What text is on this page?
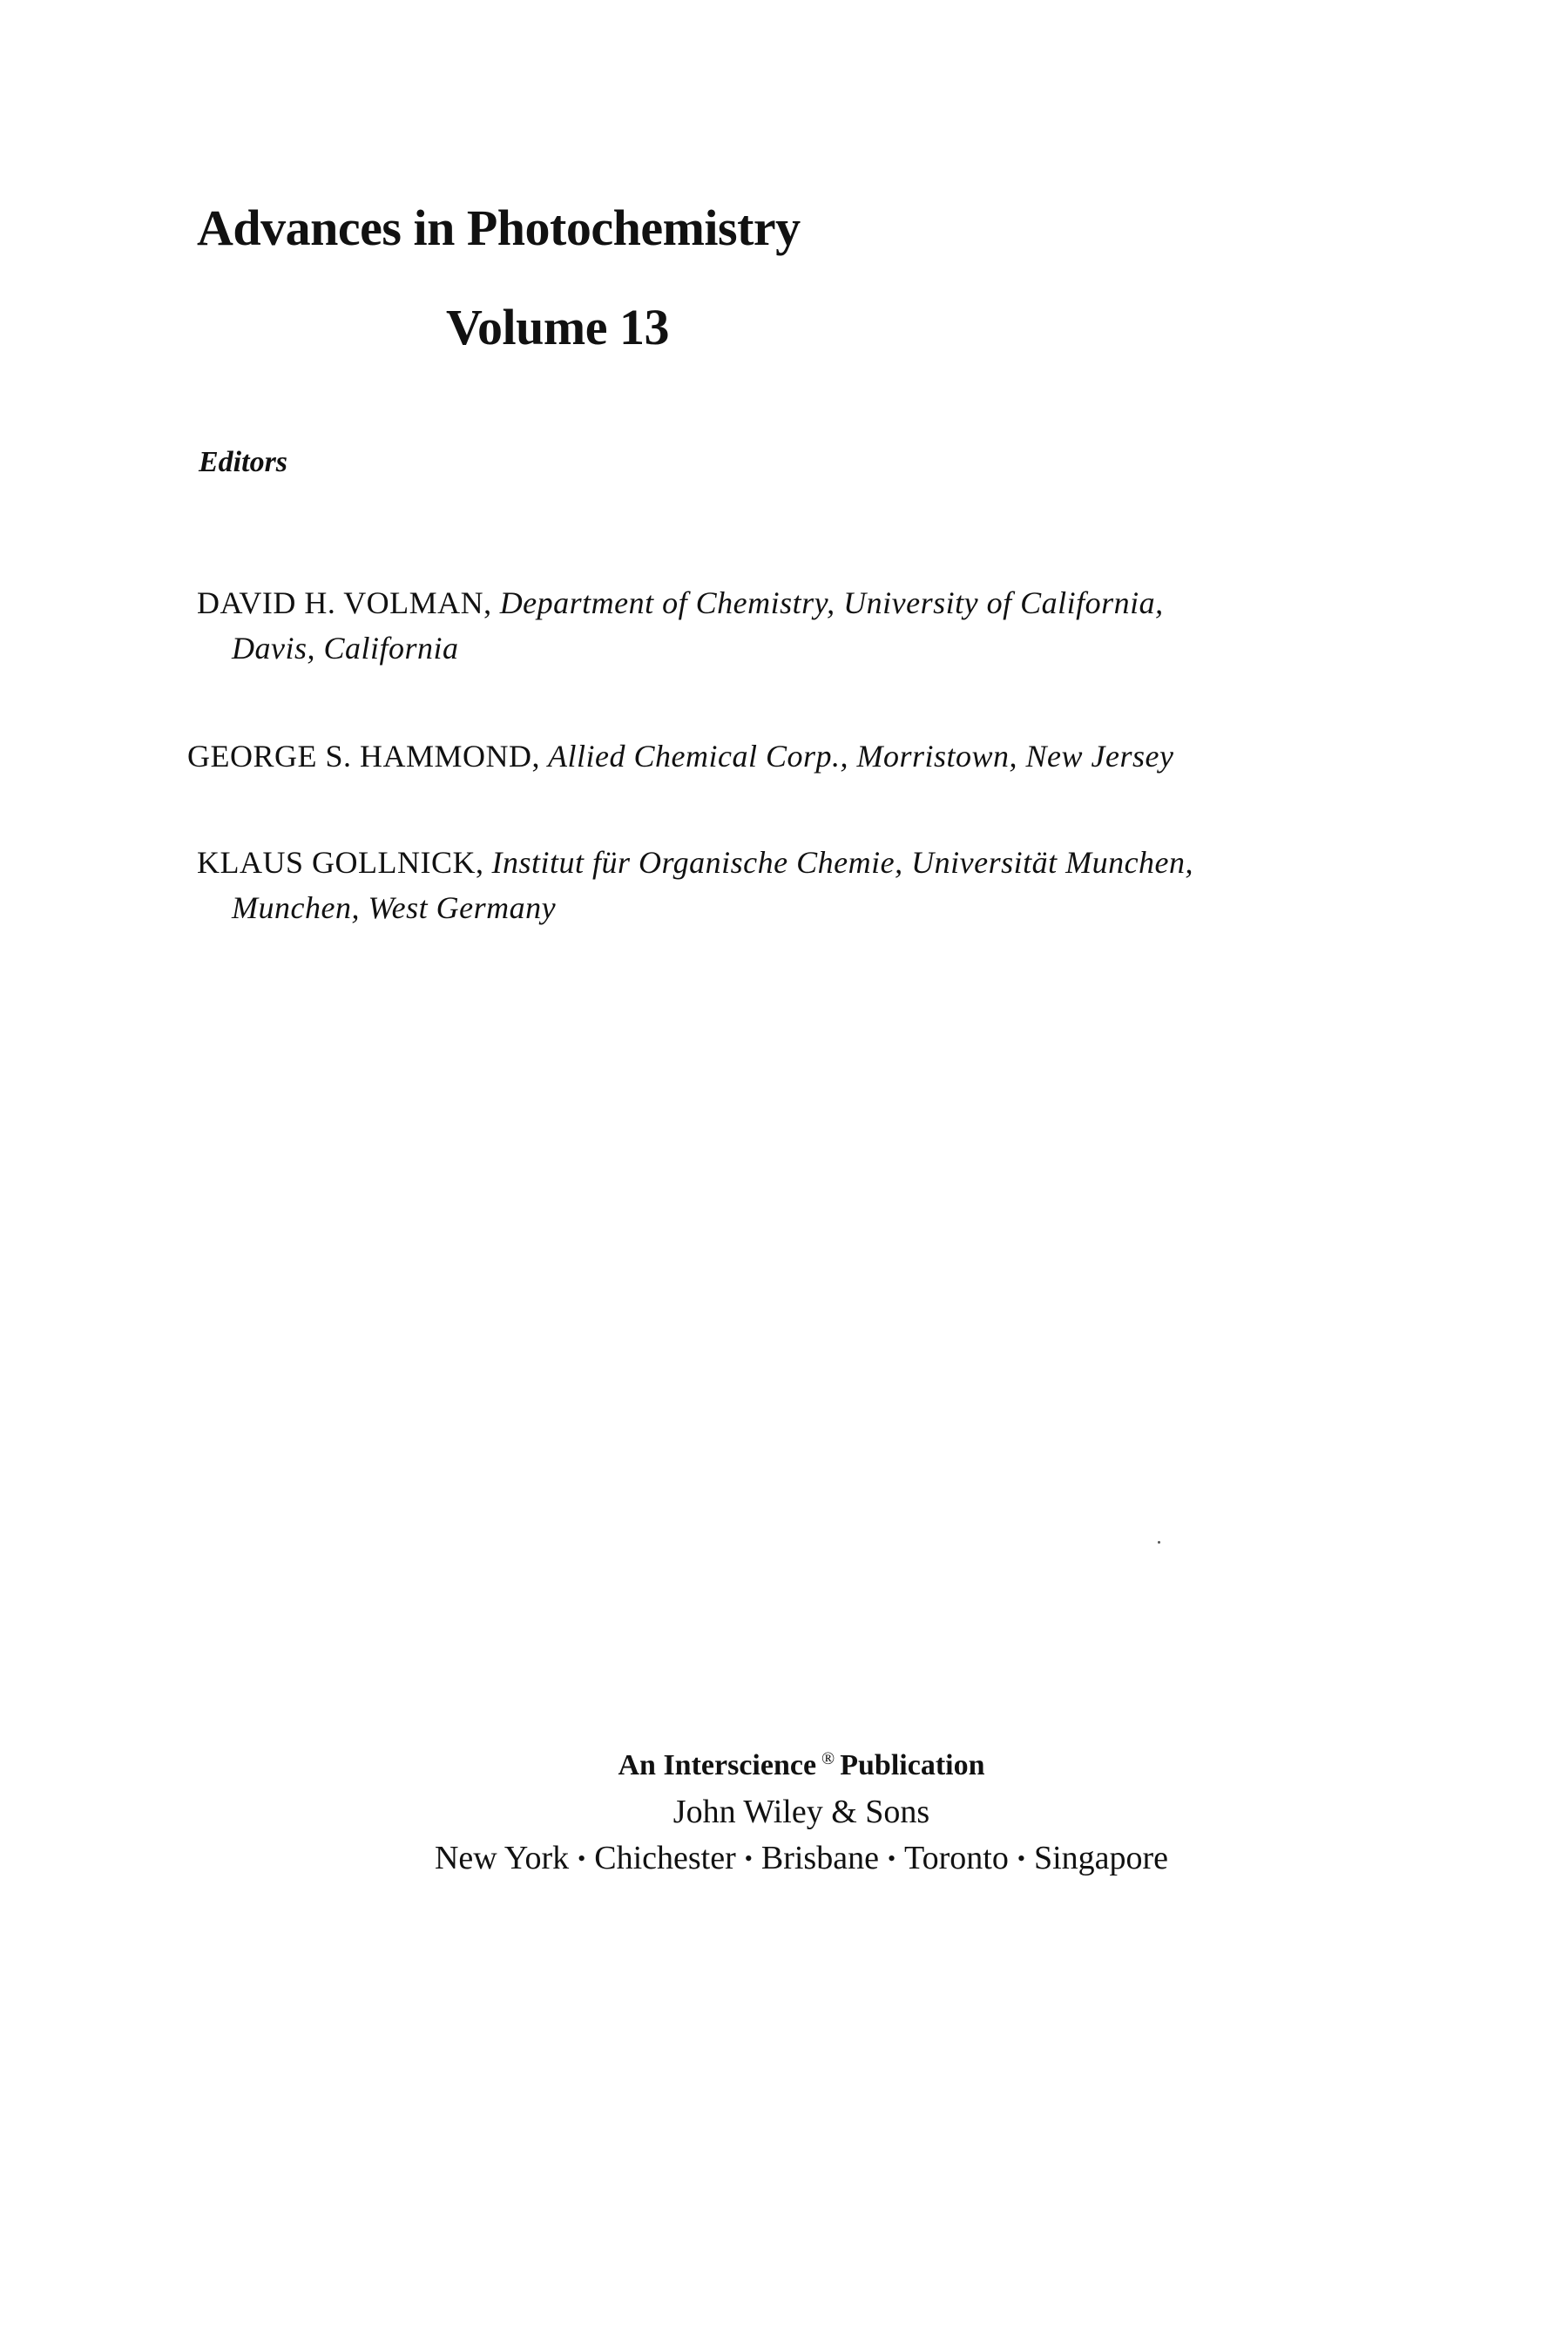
Advances in Photochemistry
Volume 13

Editors

DAVID H. VOLMAN, Department of Chemistry, University of California,
Davis, California
GEORGE S. HAMMOND, Allied Chemical Corp., Morristown, New Jersey
KLAUS GOLLNICK, Institut für Organische Chemie, Universität Munchen,
Munchen, West Germany
An Interscience ® Publication
John Wiley & Sons
New York • Chichester • Brisbane • Toronto • Singapore
